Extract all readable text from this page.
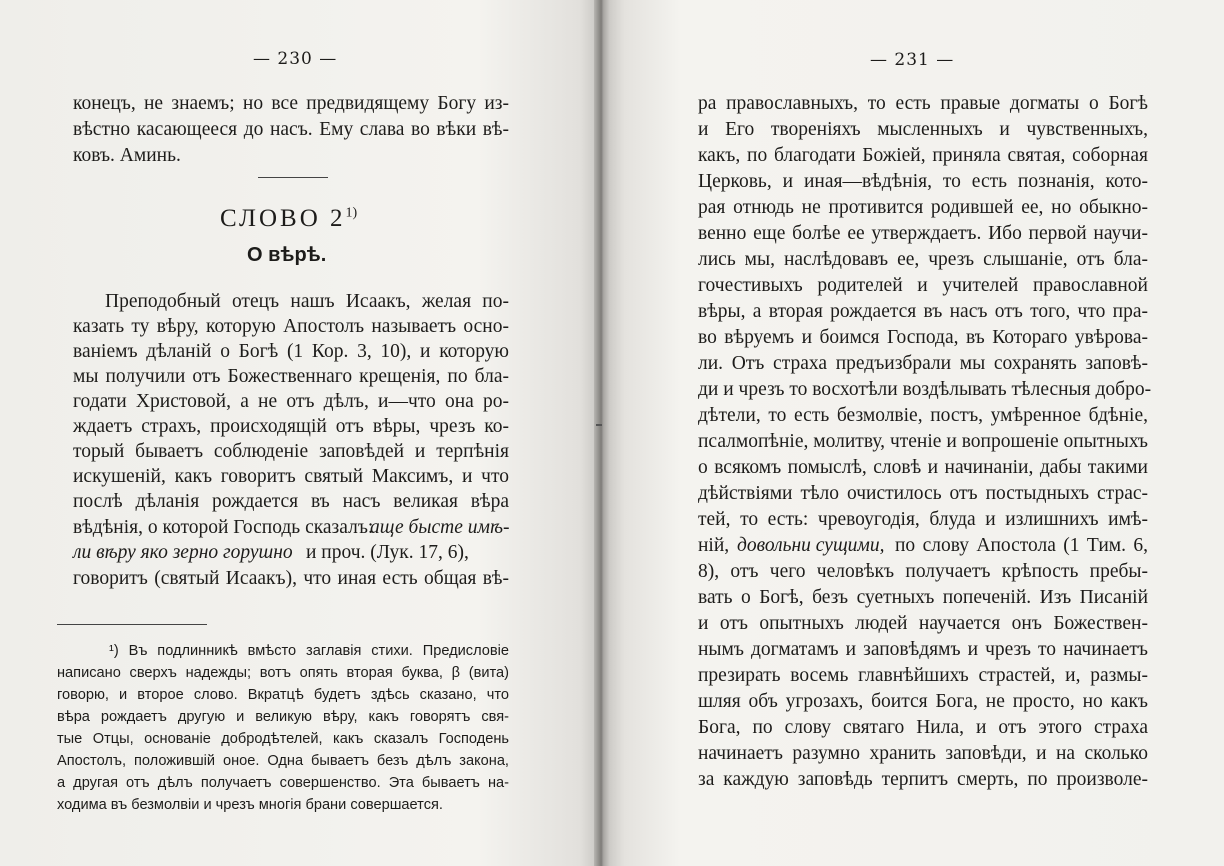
— 230 —
конецъ, не знаемъ; но все предвидящему Богу из-
вѣстно касающееся до насъ. Ему слава во вѣки вѣ-
ковъ. Аминь.
СЛОВО 2$^{1)}$
О вѣрѣ.
Преподобный отецъ нашъ Исаакъ, желая по-
казать ту вѣру, которую Апостолъ называетъ осно-
ваніемъ дѣланій о Богѣ (1 Кор. 3, 10), и которую
мы получили отъ Божественнаго крещенія, по бла-
годати Христовой, а не отъ дѣлъ, и—что она ро-
ждаетъ страхъ, происходящій отъ вѣры, чрезъ ко-
торый бываетъ соблюденіе заповѣдей и терпѣнія
искушеній, какъ говоритъ святый Максимъ, и что
послѣ дѣланія рождается въ насъ великая вѣра
вѣдѣнія, о которой Господь сказалъ:
аще бысте имѣ-
ли вѣру яко зерно горушно и проч. (Лук. 17, 6),
говоритъ (святый Исаакъ), что иная есть общая вѣ-
¹) Въ подлинникѣ вмѣсто заглавія стихи. Предисловіе
написано сверхъ надежды; вотъ опять вторая буква, β (вита)
говорю, и второе слово. Вкратцѣ будетъ здѣсь сказано, что
вѣра рождаетъ другую и великую вѣру, какъ говорятъ свя-
тые Отцы, основаніе добродѣтелей, какъ сказалъ Господень
Апостолъ, положившій оное. Одна бываетъ безъ дѣлъ закона,
а другая отъ дѣлъ получаетъ совершенство. Эта бываетъ на-
ходима въ безмолвіи и чрезъ многія брани совершается.
— 231 —
ра православныхъ, то есть правые догматы о Богѣ
и Его твореніяхъ мысленныхъ и чувственныхъ,
какъ, по благодати Божіей, приняла святая, соборная
Церковь, и иная—вѣдѣнія, то есть познанія, кото-
рая отнюдь не противится родившей ее, но обыкно-
венно еще болѣе ее утверждаетъ. Ибо первой научи-
лись мы, наслѣдовавъ ее, чрезъ слышаніе, отъ бла-
гочестивыхъ родителей и учителей православной
вѣры, а вторая рождается въ насъ отъ того, что пра-
во вѣруемъ и боимся Господа, въ Котораго увѣрова-
ли. Отъ страха предъизбрали мы сохранять заповѣ-
ди и чрезъ то восхотѣли воздѣлывать тѣлесныя добро-
дѣтели, то есть безмолвіе, постъ, умѣренное бдѣніе,
псалмопѣніе, молитву, чтеніе и вопрошеніе опытныхъ
о всякомъ помыслѣ, словѣ и начинаніи, дабы такими
дѣйствіями тѣло очистилось отъ постыдныхъ страс-
тей, то есть: чревоугодія, блуда и излишнихъ имѣ-
ній, довольни сущими, по слову Апостола (1 Тим. 6,
8), отъ чего человѣкъ получаетъ крѣпость пребы-
вать о Богѣ, безъ суетныхъ попеченій. Изъ Писаній
и отъ опытныхъ людей научается онъ Божествен-
нымъ догматамъ и заповѣдямъ и чрезъ то начинаетъ
презирать восемь главнѣйшихъ страстей, и, размы-
шляя объ угрозахъ, боится Бога, не просто, но какъ
Бога, по слову святаго Нила, и отъ этого страха
начинаетъ разумно хранить заповѣди, и на сколько
за каждую заповѣдь терпитъ смерть, по произволе-
